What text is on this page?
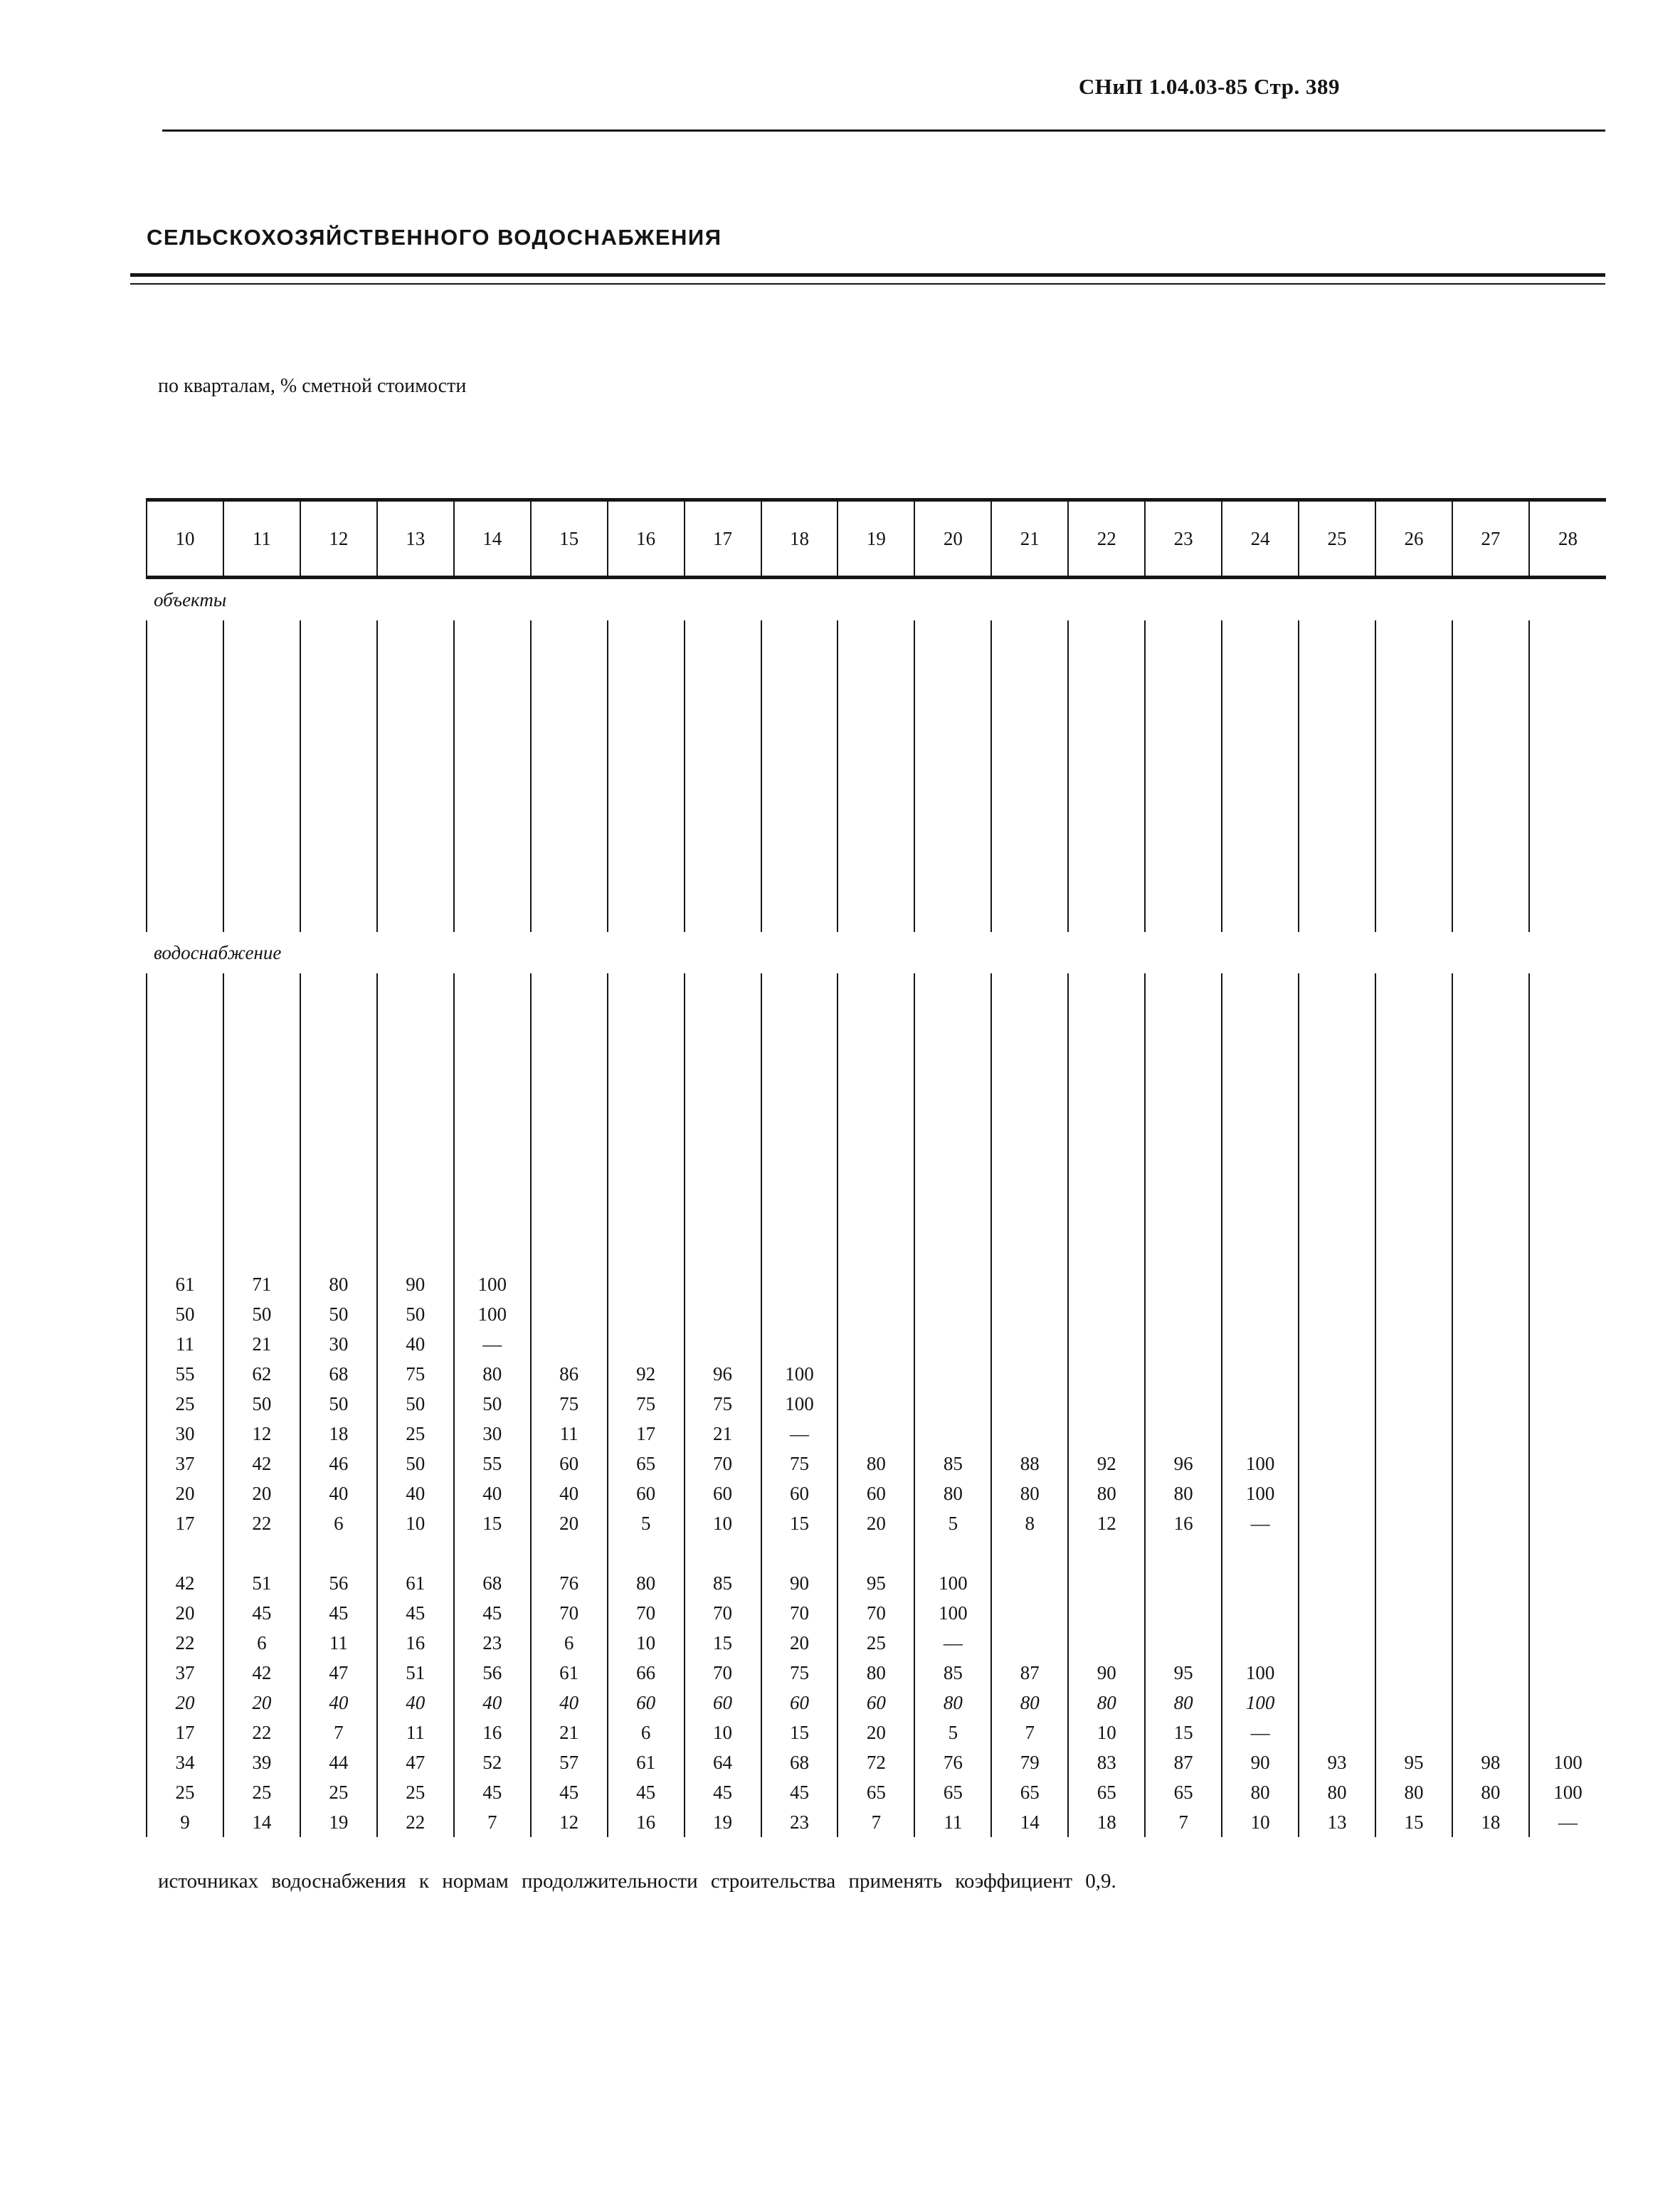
СНиП 1.04.03-85 Стр. 389
СЕЛЬСКОХОЗЯЙСТВЕННОГО ВОДОСНАБЖЕНИЯ
по кварталам, % сметной стоимости
10	11	12	13	14	15	16	17	18	19	20	21	22	23	24	25	26	27	28
объекты																		

водоснабжение																		

61	71	80	90	100														
50	50	50	50	100														
11	21	30	40	—														
55	62	68	75	80	86	92	96	100										
25	50	50	50	50	75	75	75	100										
30	12	18	25	30	11	17	21	—										
37	42	46	50	55	60	65	70	75	80	85	88	92	96	100				
20	20	40	40	40	40	60	60	60	60	80	80	80	80	100				
17	22	6	10	15	20	5	10	15	20	5	8	12	16	—				

42	51	56	61	68	76	80	85	90	95	100								
20	45	45	45	45	70	70	70	70	70	100								
22	6	11	16	23	6	10	15	20	25	—								
37	42	47	51	56	61	66	70	75	80	85	87	90	95	100				
20	20	40	40	40	40	60	60	60	60	80	80	80	80	100				
17	22	7	11	16	21	6	10	15	20	5	7	10	15	—				
34	39	44	47	52	57	61	64	68	72	76	79	83	87	90	93	95	98	100
25	25	25	25	45	45	45	45	45	65	65	65	65	65	80	80	80	80	100
9	14	19	22	7	12	16	19	23	7	11	14	18	7	10	13	15	18	—
источниках водоснабжения к нормам продолжительности строительства применять коэффициент 0,9.
